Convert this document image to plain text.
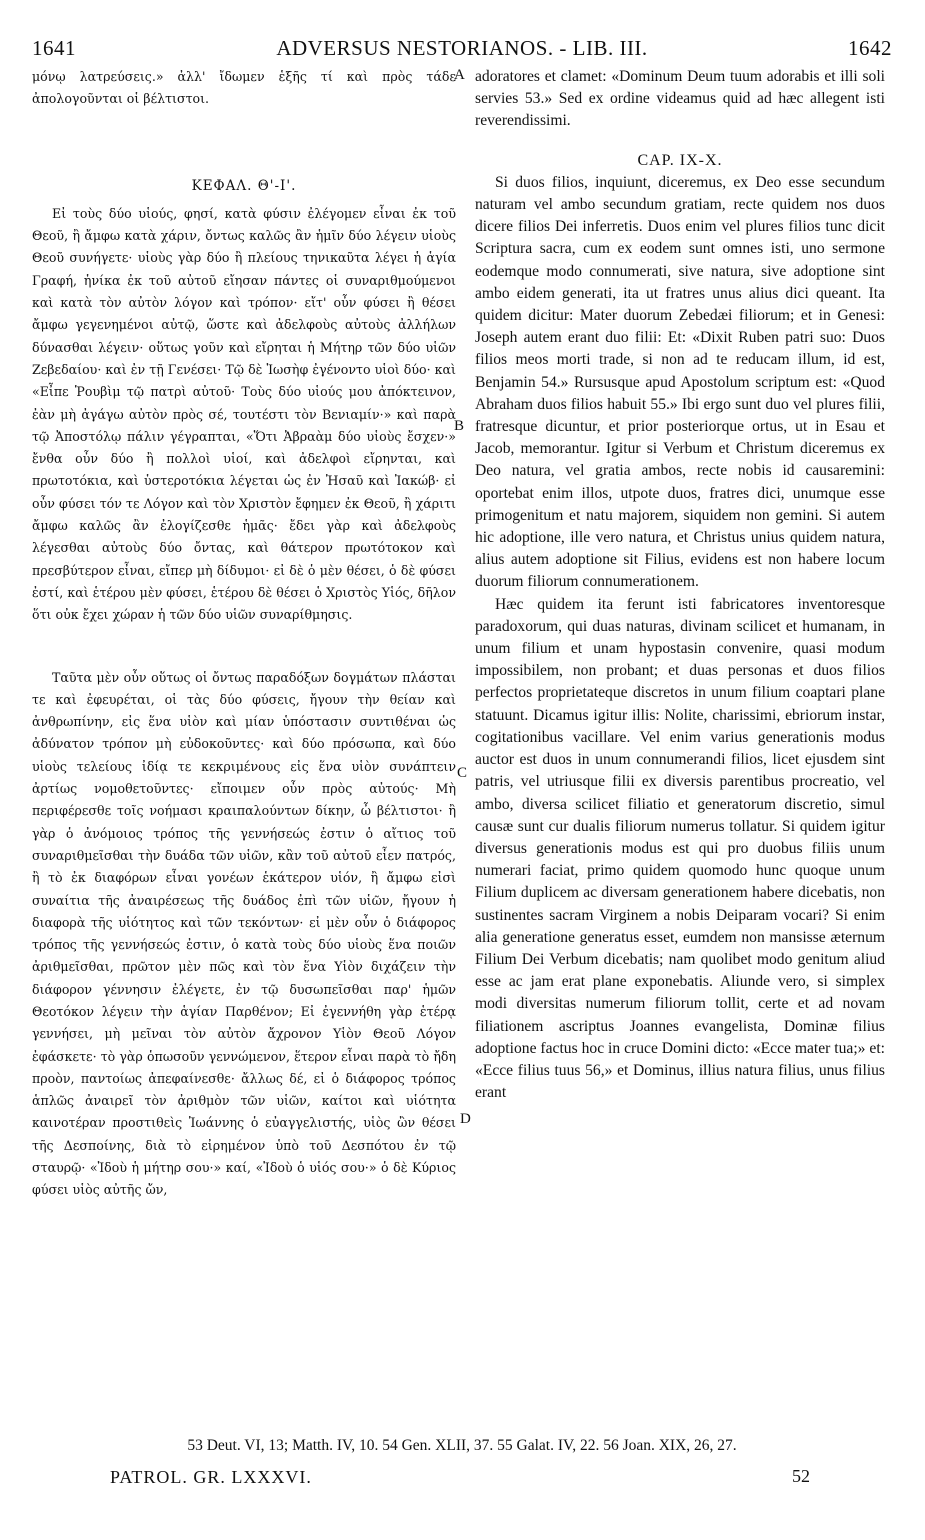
1641	ADVERSUS NESTORIANOS. - LIB. III.	1642

μόνῳ λατρεύσεις.» ἀλλ' ἴδωμεν ἑξῆς τί καὶ πρὸς τάδε ἀπολογοῦνται οἱ βέλτιστοι.

ΚΕΦΑΛ. Θ'-Ι'.

Εἰ τοὺς δύο υἱούς, φησί, κατὰ φύσιν ἐλέγομεν εἶναι ἐκ τοῦ Θεοῦ, ἢ ἄμφω κατὰ χάριν, ὄντως καλῶς ἂν ἡμῖν δύο λέγειν υἱοὺς Θεοῦ συνήγετε· υἱοὺς γὰρ δύο ἢ πλείους τηνικαῦτα λέγει ἡ ἁγία Γραφή, ἡνίκα ἐκ τοῦ αὐτοῦ εἴησαν πάντες οἱ συναριθμούμενοι καὶ κατὰ τὸν αὐτὸν λόγον καὶ τρόπον· εἴτ' οὖν φύσει ἢ θέσει ἄμφω γεγενημένοι αὐτῷ, ὥστε καὶ ἀδελφοὺς αὐτοὺς ἀλλήλων δύνασθαι λέγειν· οὕτως γοῦν καὶ εἴρηται ἡ Μήτηρ τῶν δύο υἱῶν Ζεβεδαίου· καὶ ἐν τῇ Γενέσει· Τῷ δὲ Ἰωσὴφ ἐγένοντο υἱοὶ δύο· καὶ «Εἶπε Ῥουβὶμ τῷ πατρὶ αὐτοῦ· Τοὺς δύο υἱούς μου ἀπόκτεινον, ἐὰν μὴ ἀγάγω αὐτὸν πρὸς σέ, τουτέστι τὸν Βενιαμίν·» καὶ παρὰ τῷ Ἀποστόλῳ πάλιν γέγραπται, «Ὅτι Ἀβραὰμ δύο υἱοὺς ἔσχεν·» ἔνθα οὖν δύο ἢ πολλοὶ υἱοί, καὶ ἀδελφοὶ εἴρηνται, καὶ πρωτοτόκια, καὶ ὑστεροτόκια λέγεται ὡς ἐν Ἠσαῦ καὶ Ἰακώβ· εἰ οὖν φύσει τόν τε Λόγον καὶ τὸν Χριστὸν ἔφημεν ἐκ Θεοῦ, ἢ χάριτι ἄμφω καλῶς ἂν ἐλογίζεσθε ἡμᾶς· ἔδει γὰρ καὶ ἀδελφοὺς λέγεσθαι αὐτοὺς δύο ὄντας, καὶ θάτερον πρωτότοκον καὶ πρεσβύτερον εἶναι, εἴπερ μὴ δίδυμοι· εἰ δὲ ὁ μὲν θέσει, ὁ δὲ φύσει ἐστί, καὶ ἑτέρου μὲν φύσει, ἑτέρου δὲ θέσει ὁ Χριστὸς Υἱός, δῆλον ὅτι οὐκ ἔχει χώραν ἡ τῶν δύο υἱῶν συναρίθμησις.

Ταῦτα μὲν οὖν οὕτως οἱ ὄντως παραδόξων δογμάτων πλάσται τε καὶ ἐφευρέται, οἱ τὰς δύο φύσεις, ἤγουν τὴν θείαν καὶ ἀνθρωπίνην, εἰς ἕνα υἱὸν καὶ μίαν ὑπόστασιν συντιθέναι ὡς ἀδύνατον τρόπον μὴ εὐδοκοῦντες· καὶ δύο πρόσωπα, καὶ δύο υἱοὺς τελείους ἰδίᾳ τε κεκριμένους εἰς ἕνα υἱὸν συνάπτειν ἀρτίως νομοθετοῦντες· εἴποιμεν οὖν πρὸς αὐτούς· Μὴ περιφέρεσθε τοῖς νοήμασι κραιπαλούντων δίκην, ὦ βέλτιστοι· ἢ γὰρ ὁ ἀνόμοιος τρόπος τῆς γεννήσεώς ἐστιν ὁ αἴτιος τοῦ συναριθμεῖσθαι τὴν δυάδα τῶν υἱῶν, κἂν τοῦ αὐτοῦ εἶεν πατρός, ἢ τὸ ἐκ διαφόρων εἶναι γονέων ἑκάτερον υἱόν, ἢ ἄμφω εἰσὶ συναίτια τῆς ἀναιρέσεως τῆς δυάδος ἐπὶ τῶν υἱῶν, ἤγουν ἡ διαφορὰ τῆς υἱότητος καὶ τῶν τεκόντων· εἰ μὲν οὖν ὁ διάφορος τρόπος τῆς γεννήσεώς ἐστιν, ὁ κατὰ τοὺς δύο υἱοὺς ἕνα ποιῶν ἀριθμεῖσθαι, πρῶτον μὲν πῶς καὶ τὸν ἕνα Υἱὸν διχάζειν τὴν διάφορον γέννησιν ἐλέγετε, ἐν τῷ δυσωπεῖσθαι παρ' ἡμῶν Θεοτόκον λέγειν τὴν ἁγίαν Παρθένον; Εἰ ἐγεννήθη γὰρ ἑτέρᾳ γεννήσει, μὴ μεῖναι τὸν αὐτὸν ἄχρονον Υἱὸν Θεοῦ Λόγον ἐφάσκετε· τὸ γὰρ ὁπωσοῦν γεννώμενον, ἕτερον εἶναι παρὰ τὸ ἤδη προὸν, παντοίως ἀπεφαίνεσθε· ἄλλως δέ, εἰ ὁ διάφορος τρόπος ἁπλῶς ἀναιρεῖ τὸν ἀριθμὸν τῶν υἱῶν, καίτοι καὶ υἱότητα καινοτέραν προστιθεὶς Ἰωάννης ὁ εὐαγγελιστής, υἱὸς ὢν θέσει τῆς Δεσποίνης, διὰ τὸ εἰρημένον ὑπὸ τοῦ Δεσπότου ἐν τῷ σταυρῷ· «Ἰδοὺ ἡ μήτηρ σου·» καί, «Ἰδοὺ ὁ υἱός σου·» ὁ δὲ Κύριος φύσει υἱὸς αὐτῆς ὤν,

A
B
C
D

adoratores et clamet: «Dominum Deum tuum adorabis et illi soli servies 53.» Sed ex ordine videamus quid ad hæc allegent isti reverendissimi.

CAP. IX-X.

Si duos filios, inquiunt, diceremus, ex Deo esse secundum naturam vel ambo secundum gratiam, recte quidem nos duos dicere filios Dei inferretis. Duos enim vel plures filios tunc dicit Scriptura sacra, cum ex eodem sunt omnes isti, uno sermone eodemque modo connumerati, sive natura, sive adoptione sint ambo eidem generati, ita ut fratres unus alius dici queant. Ita quidem dicitur: Mater duorum Zebedæi filiorum; et in Genesi: Joseph autem erant duo filii: Et: «Dixit Ruben patri suo: Duos filios meos morti trade, si non ad te reducam illum, id est, Benjamin 54.» Rursusque apud Apostolum scriptum est: «Quod Abraham duos filios habuit 55.» Ibi ergo sunt duo vel plures filii, fratresque dicuntur, et prior posteriorque ortus, ut in Esau et Jacob, memorantur. Igitur si Verbum et Christum diceremus ex Deo natura, vel gratia ambos, recte nobis id causaremini: oportebat enim illos, utpote duos, fratres dici, unumque esse primogenitum et natu majorem, siquidem non gemini. Si autem hic adoptione, ille vero natura, et Christus unius quidem natura, alius autem adoptione sit Filius, evidens est non habere locum duorum filiorum connumerationem.

Hæc quidem ita ferunt isti fabricatores inventoresque paradoxorum, qui duas naturas, divinam scilicet et humanam, in unum filium et unam hypostasin convenire, quasi modum impossibilem, non probant; et duas personas et duos filios perfectos proprietateque discretos in unum filium coaptari plane statuunt. Dicamus igitur illis: Nolite, charissimi, ebriorum instar, cogitationibus vacillare. Vel enim varius generationis modus auctor est duos in unum connumerandi filios, licet ejusdem sint patris, vel utriusque filii ex diversis parentibus procreatio, vel ambo, diversa scilicet filiatio et generatorum discretio, simul causæ sunt cur dualis filiorum numerus tollatur. Si quidem igitur diversus generationis modus est qui pro duobus filiis unum numerari faciat, primo quidem quomodo hunc quoque unum Filium duplicem ac diversam generationem habere dicebatis, non sustinentes sacram Virginem a nobis Deiparam vocari? Si enim alia generatione generatus esset, eumdem non mansisse æternum Filium Dei Verbum dicebatis; nam quolibet modo genitum aliud esse ac jam erat plane exponebatis. Aliunde vero, si simplex modi diversitas numerum filiorum tollit, certe et ad novam filiationem ascriptus Joannes evangelista, Dominæ filius adoptione factus hoc in cruce Domini dicto: «Ecce mater tua;» et: «Ecce filius tuus 56,» et Dominus, illius natura filius, unus filius erant

53 Deut. VI, 13; Matth. IV, 10. 54 Gen. XLII, 37. 55 Galat. IV, 22. 56 Joan. XIX, 26, 27.
PATROL. GR. LXXXVI.	52
